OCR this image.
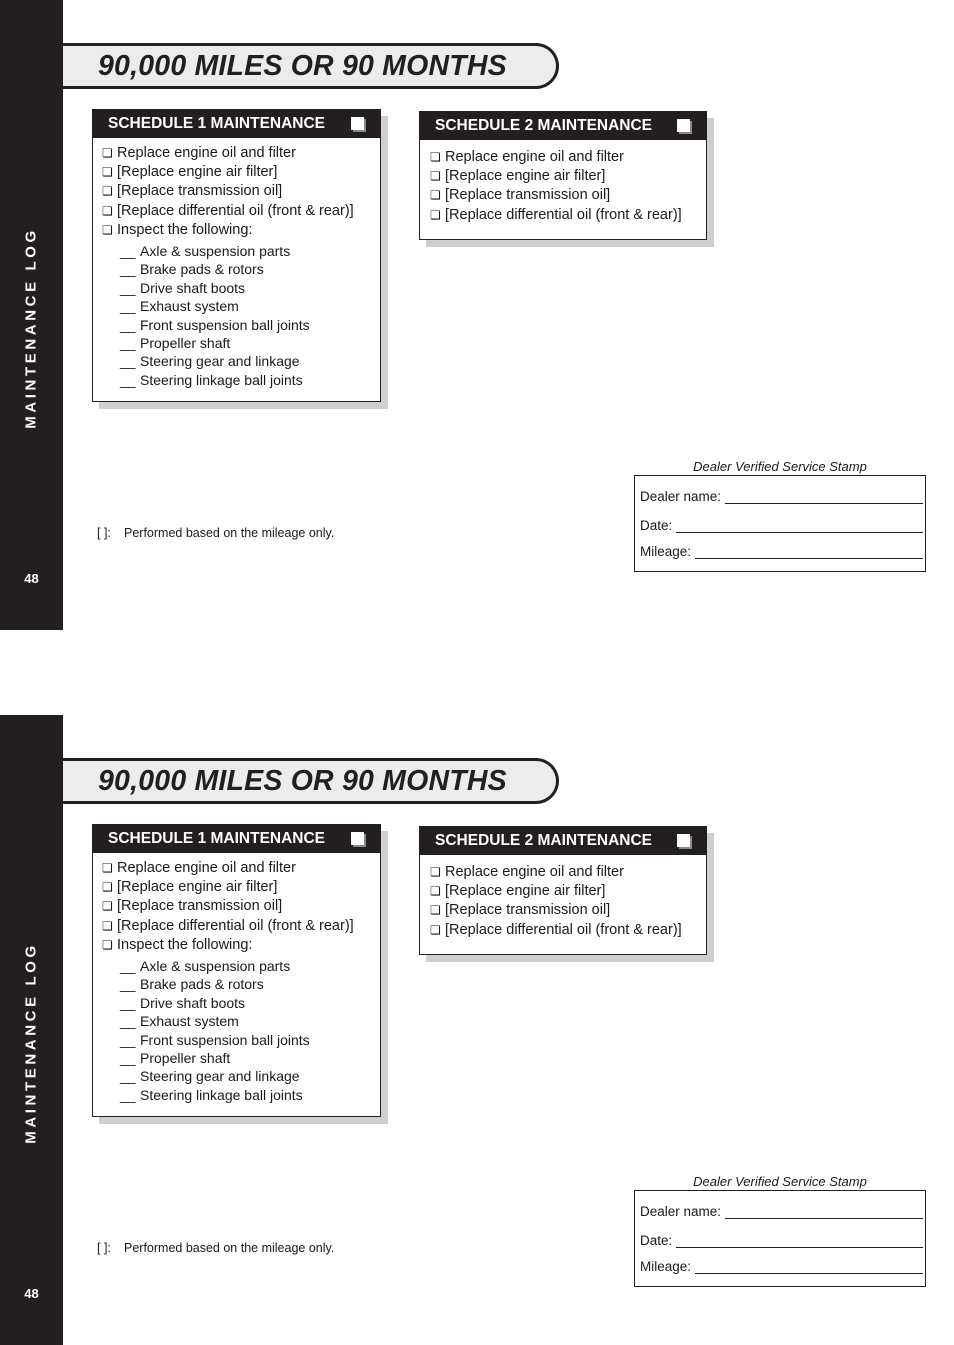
MAINTENANCE LOG
48
90,000 MILES OR 90 MONTHS
SCHEDULE 1 MAINTENANCE
❏ Replace engine oil and filter
❏ [Replace engine air filter]
❏ [Replace transmission oil]
❏ [Replace differential oil (front & rear)]
❏ Inspect the following:
__ Axle & suspension parts
__ Brake pads & rotors
__ Drive shaft boots
__ Exhaust system
__ Front suspension ball joints
__ Propeller shaft
__ Steering gear and linkage
__ Steering linkage ball joints
SCHEDULE 2 MAINTENANCE
❏ Replace engine oil and filter
❏ [Replace engine air filter]
❏ [Replace transmission oil]
❏ [Replace differential oil (front & rear)]
[ ]: Performed based on the mileage only.
Dealer Verified Service Stamp
Dealer name:
Date:
Mileage:
MAINTENANCE LOG
48
90,000 MILES OR 90 MONTHS
SCHEDULE 1 MAINTENANCE
❏ Replace engine oil and filter
❏ [Replace engine air filter]
❏ [Replace transmission oil]
❏ [Replace differential oil (front & rear)]
❏ Inspect the following:
__ Axle & suspension parts
__ Brake pads & rotors
__ Drive shaft boots
__ Exhaust system
__ Front suspension ball joints
__ Propeller shaft
__ Steering gear and linkage
__ Steering linkage ball joints
SCHEDULE 2 MAINTENANCE
❏ Replace engine oil and filter
❏ [Replace engine air filter]
❏ [Replace transmission oil]
❏ [Replace differential oil (front & rear)]
[ ]: Performed based on the mileage only.
Dealer Verified Service Stamp
Dealer name:
Date:
Mileage:
